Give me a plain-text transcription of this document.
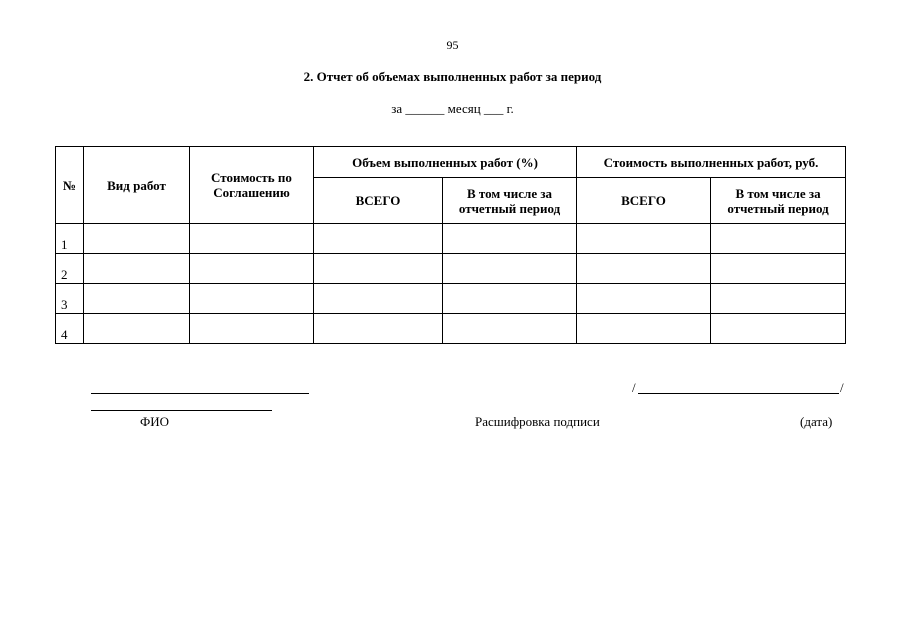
95
2. Отчет об объемах выполненных работ за период
за ______ месяц ___ г.
№	Вид работ	Стоимость по Соглашению	Объем выполненных работ (%)		Стоимость выполненных работ, руб.	
			ВСЕГО	В том числе за отчетный период	ВСЕГО	В том числе за отчетный период
1						
2						
3						
4						
/	/
ФИО	Расшифровка подписи	(дата)
